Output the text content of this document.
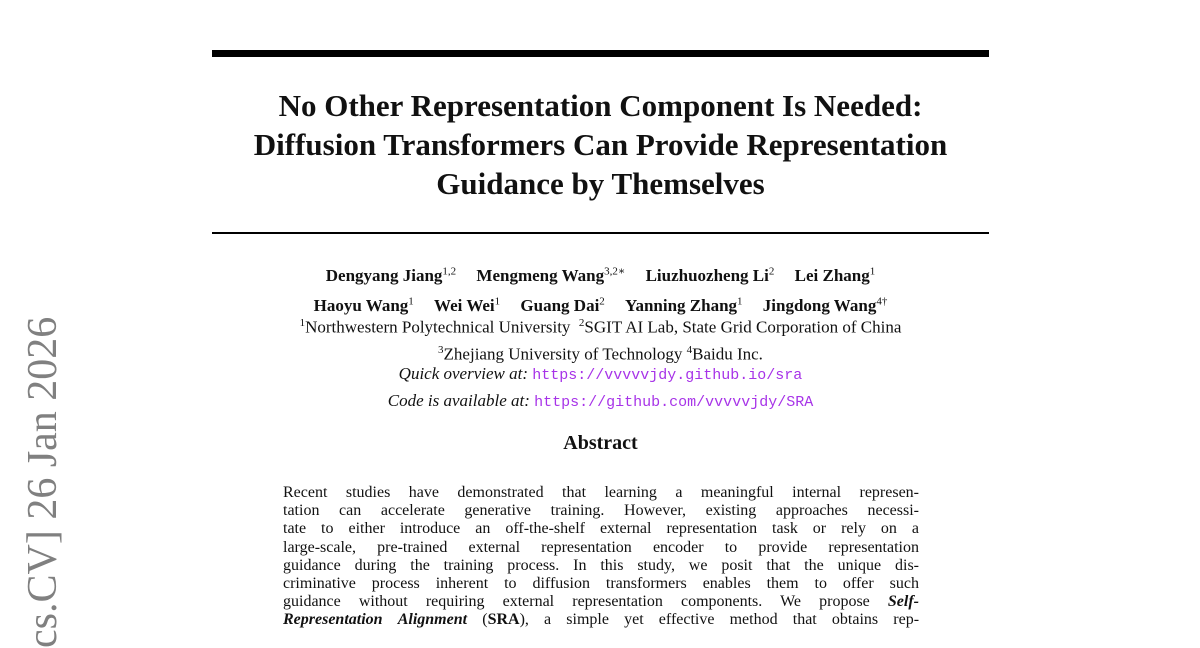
No Other Representation Component Is Needed:
Diffusion Transformers Can Provide Representation
Guidance by Themselves
Dengyang Jiang$^{1,2}$ Mengmeng Wang$^{3,2∗}$ Liuzhuozheng Li$^2$ Lei Zhang$^1$
Haoyu Wang$^1$ Wei Wei$^1$ Guang Dai$^2$ Yanning Zhang$^1$ Jingdong Wang$^{4\dagger}$
$^1$Northwestern Polytechnical University $^2$SGIT AI Lab, State Grid Corporation of China
$^3$Zhejiang University of Technology $^4$Baidu Inc.
Quick overview at: https://vvvvvjdy.github.io/sra
Code is available at: https://github.com/vvvvvjdy/SRA
Abstract
Recent studies have demonstrated that learning a meaningful internal represen-
tation can accelerate generative training. However, existing approaches necessi-
tate to either introduce an off-the-shelf external representation task or rely on a
large-scale, pre-trained external representation encoder to provide representation
guidance during the training process. In this study, we posit that the unique dis-
criminative process inherent to diffusion transformers enables them to offer such
guidance without requiring external representation components. We propose Self-
Representation Alignment (SRA), a simple yet effective method that obtains rep-
cs.CV] 26 Jan 2026
